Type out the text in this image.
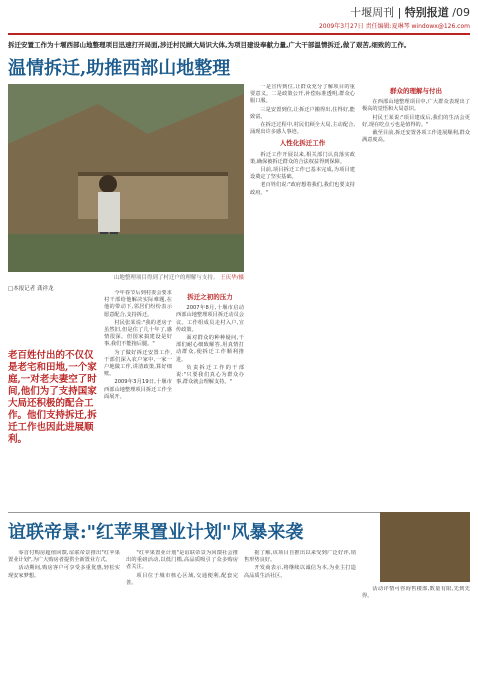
十堰周刊 | 特别报道 /09
2009年3月27日 责任编辑:夏琳琴 windowx@126.com
拆迁安置工作为十堰西部山地整理项目迅速打开局面,涉迁村民顾大局识大体,为项目建设奉献力量,广大干部温情拆迁,做了艰苦,细致的工作。
温情拆迁,助推西部山地整理
山地整理项目得到了村迁户的理解与支持。 王庆华/摄
□本报记者 龚祥龙
老百姓付出的不仅仅是老宅和田地,一个家庭,一对老夫妻空了时间,他们为了支持国家大局还积极的配合工作。他们支持拆迁,拆迁工作也因此进展顺利。

今年春节后到村委会要求村干部给他解决实际难题,在他的带动下,邻居们纷纷表示愿意配合,支持拆迁。

村民张某说:"我的老房子虽然旧,但是住了几十年了,感情很深。但国家搞建设是好事,我们不能拖后腿。"

为了做好拆迁安置工作,干部们深入农户家中,一家一户地做工作,讲清政策,算好细账。

2009年3月19日,十堰市西部山地整理项目拆迁工作全面展开。

拆迁之初的压力

2007年8月,十堰市启动西部山地整理项目拆迁动员会议。工作组成员走村入户,宣传政策。

面对群众的种种疑问,干部们耐心细致解答,用真情打动群众,使拆迁工作顺利推进。

负责拆迁工作的干部说:"只要我们真心为群众办事,群众就会理解支持。"

一是宣传到位,让群众充分了解项目的重要意义。二是政策公开,补偿标准透明,群众心服口服。

三是安置到位,让拆迁户搬得出,住得好,能致富。

在拆迁过程中,村民们顾全大局,主动配合,涌现出许多感人事迹。

人性化拆迁工作

拆迁工作开展以来,相关部门认真落实政策,确保被拆迁群众的合法权益得到保障。

目前,项目拆迁工作已基本完成,为项目建设奠定了坚实基础。

老百姓们说:"政府想着我们,我们也要支持政府。"

群众的理解与付出

在西部山地整理项目中,广大群众表现出了极高的觉悟和大局意识。

村民王某说:"项目建成后,我们的生活会更好,现在吃点亏也是值得的。"

截至目前,拆迁安置各项工作进展顺利,群众满意度高。

谊联帝景:"红苹果置业计划"风暴来袭

零首付购房超值回馈,谊联帝景推出"红苹果置业计划",为广大购房者提供全新置业方式。

活动期间,购房客户可享受多重优惠,轻松实现安家梦想。

"红苹果置业计划"是谊联帝景为回馈社会推出的重磅活动,以低门槛,高品质吸引了众多购房者关注。

项目位于城市核心区域,交通便利,配套完善。

据了解,该项目自推出以来受到广泛好评,销售形势良好。

开发商表示,将继续以诚信为本,为业主打造高品质生活社区。

活动详情可咨询售楼部,数量有限,先到先得。
